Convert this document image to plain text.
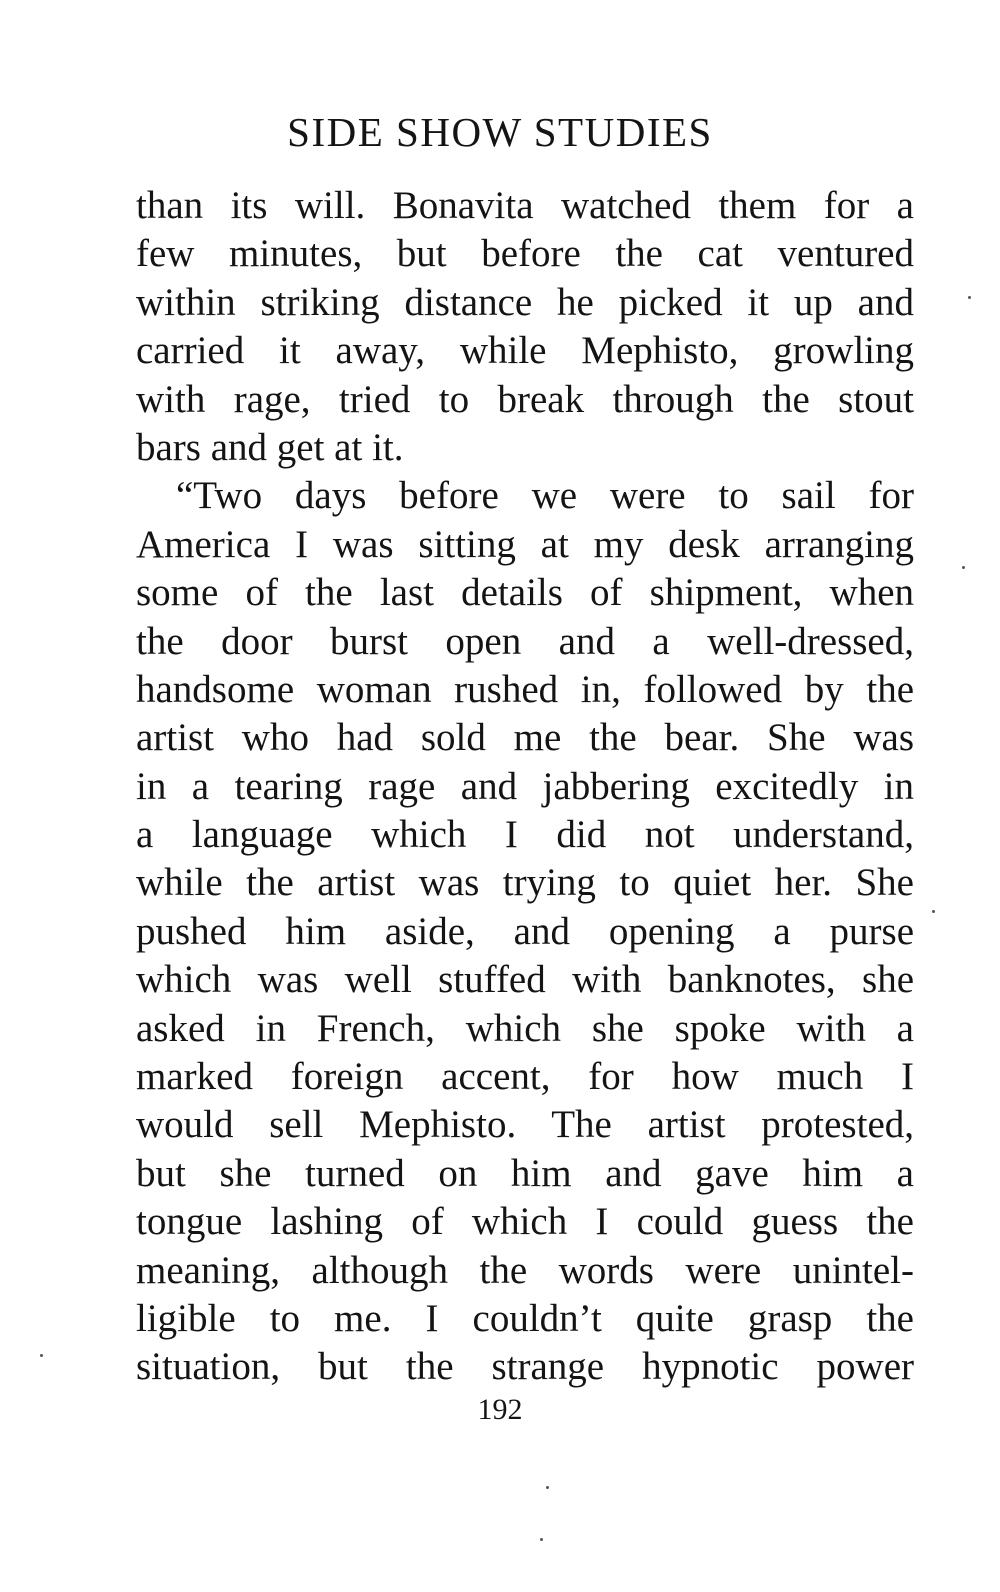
SIDE SHOW STUDIES
than its will. Bonavita watched them for a
few minutes, but before the cat ventured
within striking distance he picked it up and
carried it away, while Mephisto, growling
with rage, tried to break through the stout
bars and get at it.
“Two days before we were to sail for
America I was sitting at my desk arranging
some of the last details of shipment, when
the door burst open and a well-dressed,
handsome woman rushed in, followed by the
artist who had sold me the bear. She was
in a tearing rage and jabbering excitedly in
a language which I did not understand,
while the artist was trying to quiet her. She
pushed him aside, and opening a purse
which was well stuffed with banknotes, she
asked in French, which she spoke with a
marked foreign accent, for how much I
would sell Mephisto. The artist protested,
but she turned on him and gave him a
tongue lashing of which I could guess the
meaning, although the words were unintel-
ligible to me. I couldn’t quite grasp the
situation, but the strange hypnotic power
192
